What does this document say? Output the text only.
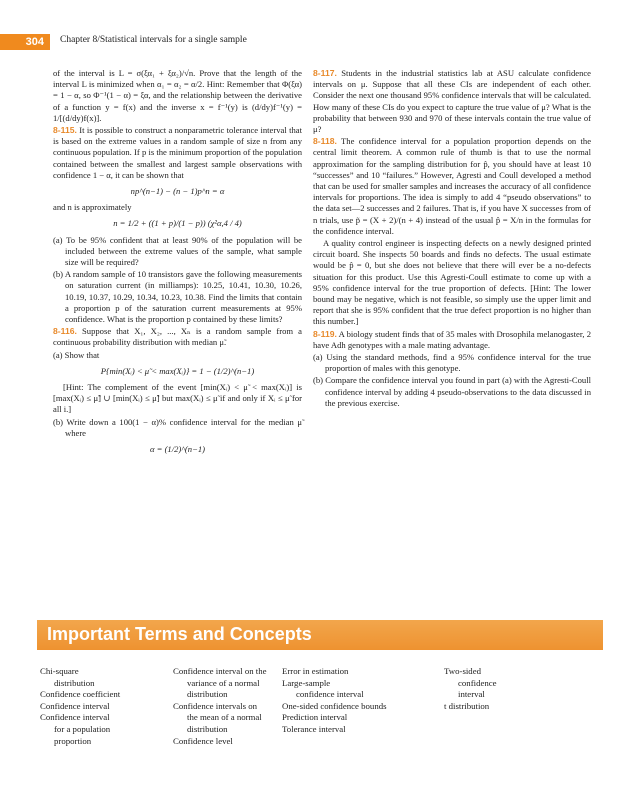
304	Chapter 8/Statistical intervals for a single sample

of the interval is L = σ(ξα₁ + ξα₂)/√n. Prove that the length of the interval L is minimized when α₁ = α₂ = α/2. Hint: Remember that Φ(ξα) = 1 − α, so Φ⁻¹(1 − α) = ξα, and the relationship between the derivative of a function y = f(x) and the inverse x = f⁻¹(y) is (d/dy)f⁻¹(y) = 1/[(d/dy)f(x)].

8-115. It is possible to construct a nonparametric tolerance interval that is based on the extreme values in a random sample of size n from any continuous population. If p is the minimum proportion of the population contained between the smallest and largest sample observations with confidence 1 − α, it can be shown that

np^(n−1) − (n − 1)p^n = α

and n is approximately

n = 1/2 + ((1 + p)/(1 − p)) (χ²α,4 / 4)

(a) To be 95% confident that at least 90% of the population will be included between the extreme values of the sample, what sample size will be required?

(b) A random sample of 10 transistors gave the following measurements on saturation current (in milliamps): 10.25, 10.41, 10.30, 10.26, 10.19, 10.37, 10.29, 10.34, 10.23, 10.38. Find the limits that contain a proportion p of the saturation current measurements at 95% confidence. What is the proportion p contained by these limits?

8-116. Suppose that X₁, X₂, ..., Xₙ is a random sample from a continuous probability distribution with median μ̃.

(a) Show that

P{min(Xᵢ) < μ̃ < max(Xᵢ)} = 1 − (1/2)^(n−1)

[Hint: The complement of the event [min(Xᵢ) < μ̃ < max(Xᵢ)] is [max(Xᵢ) ≤ μ̃] ∪ [min(Xᵢ) ≤ μ̃] but max(Xᵢ) ≤ μ̃ if and only if Xᵢ ≤ μ̃ for all i.]

(b) Write down a 100(1 − α)% confidence interval for the median μ̃ where

α = (1/2)^(n−1)

8-117. Students in the industrial statistics lab at ASU calculate confidence intervals on μ. Suppose that all these CIs are independent of each other. Consider the next one thousand 95% confidence intervals that will be calculated. How many of these CIs do you expect to capture the true value of μ? What is the probability that between 930 and 970 of these intervals contain the true value of μ?

8-118. The confidence interval for a population proportion depends on the central limit theorem. A common rule of thumb is that to use the normal approximation for the sampling distribution for p̂, you should have at least 10 “successes” and 10 “failures.” However, Agresti and Coull developed a method that can be used for smaller samples and increases the accuracy of all confidence intervals for proportions. The idea is simply to add 4 “pseudo observations” to the data set—2 successes and 2 failures. That is, if you have X successes from of n trials, use p̃ = (X + 2)/(n + 4) instead of the usual p̂ = X/n in the formulas for the confidence interval.

A quality control engineer is inspecting defects on a newly designed printed circuit board. She inspects 50 boards and finds no defects. The usual estimate would be p̂ = 0, but she does not believe that there will ever be a no-defects situation for this product. Use this Agresti-Coull estimate to come up with a 95% confidence interval for the true proportion of defects. [Hint: The lower bound may be negative, which is not feasible, so simply use the upper limit and report that she is 95% confident that the true defect proportion is no higher than this number.]

8-119. A biology student finds that of 35 males with Drosophila melanogaster, 2 have Adh genotypes with a male mating advantage.

(a) Using the standard methods, find a 95% confidence interval for the true proportion of males with this genotype.

(b) Compare the confidence interval you found in part (a) with the Agresti-Coull confidence interval by adding 4 pseudo-observations to the data discussed in the previous exercise.

Important Terms and Concepts
Chi-square
distribution
Confidence coefficient
Confidence interval
Confidence interval
for a population
proportion
Confidence interval on the
variance of a normal
distribution
Confidence intervals on
the mean of a normal
distribution
Confidence level
Error in estimation
Large-sample
confidence interval
One-sided confidence bounds
Prediction interval
Tolerance interval
Two-sided
confidence
interval
t distribution
